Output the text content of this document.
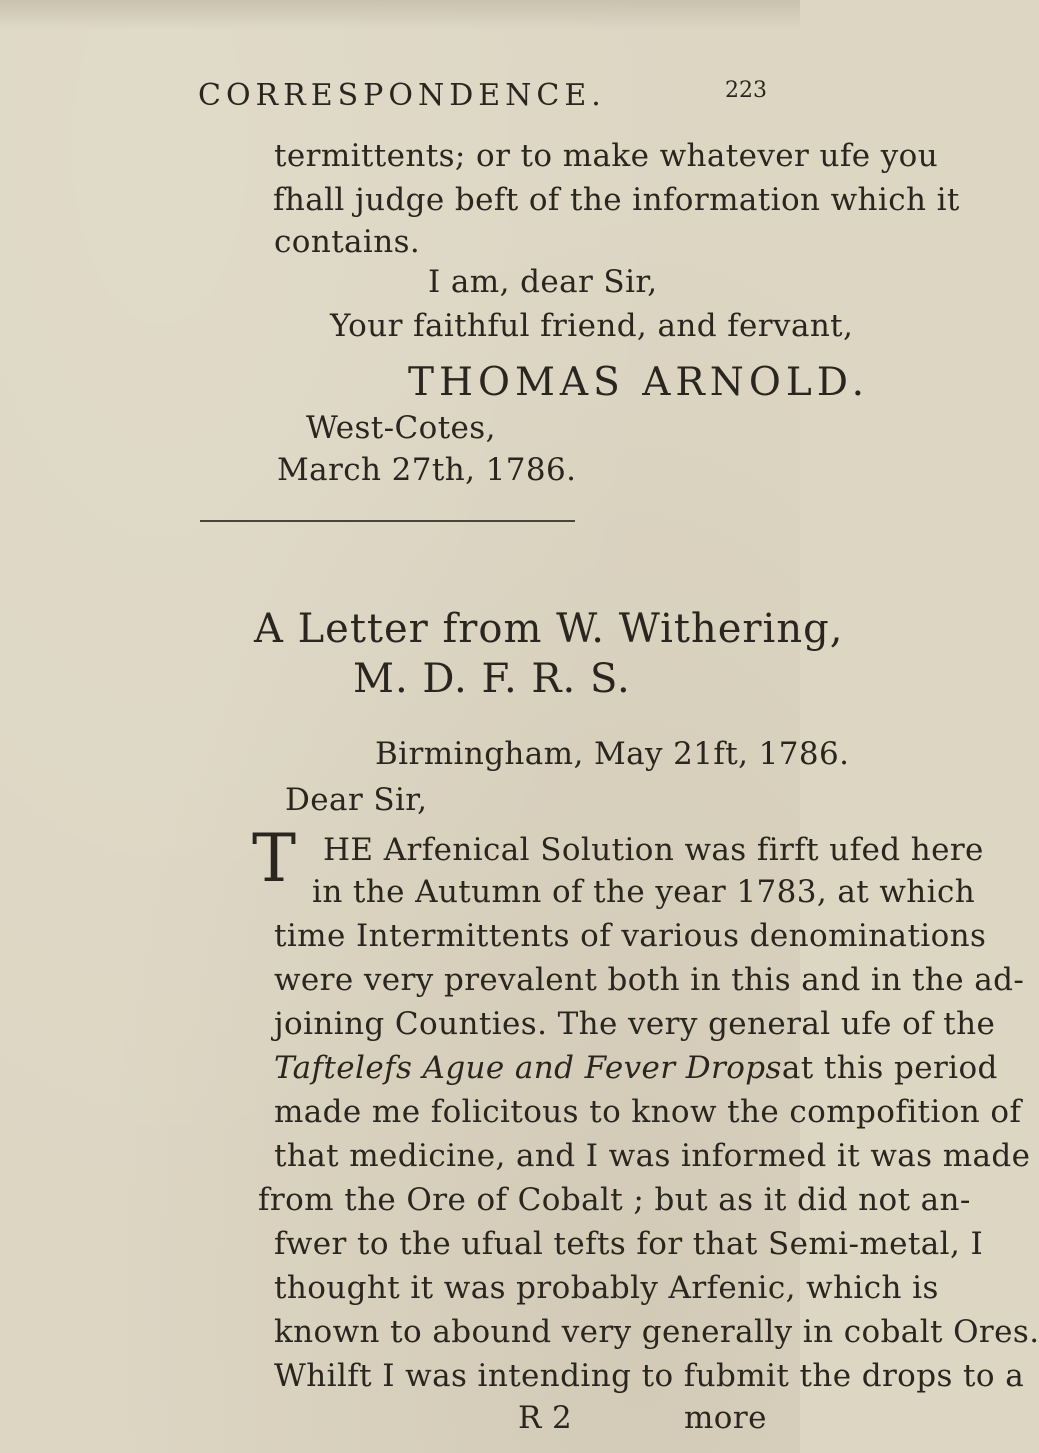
CORRESPONDENCE.	223
termittents; or to make whatever ufe you
fhall judge beft of the information which it
contains.
I am, dear Sir,
Your faithful friend, and fervant,
THOMAS ARNOLD.
West-Cotes,
March 27th, 1786.
A Letter from W. Withering,
M. D. F. R. S.
Birmingham, May 21ft, 1786.
Dear Sir,
T HE Arfenical Solution was firft ufed here
in the Autumn of the year 1783, at which
time Intermittents of various denominations
were very prevalent both in this and in the ad-
joining Counties. The very general ufe of the
Taftelefs Ague and Fever Drops at this period
made me folicitous to know the compofition of
that medicine, and I was informed it was made
from the Ore of Cobalt ; but as it did not an-
fwer to the ufual tefts for that Semi-metal, I
thought it was probably Arfenic, which is
known to abound very generally in cobalt Ores.
Whilft I was intending to fubmit the drops to a
R 2	more
